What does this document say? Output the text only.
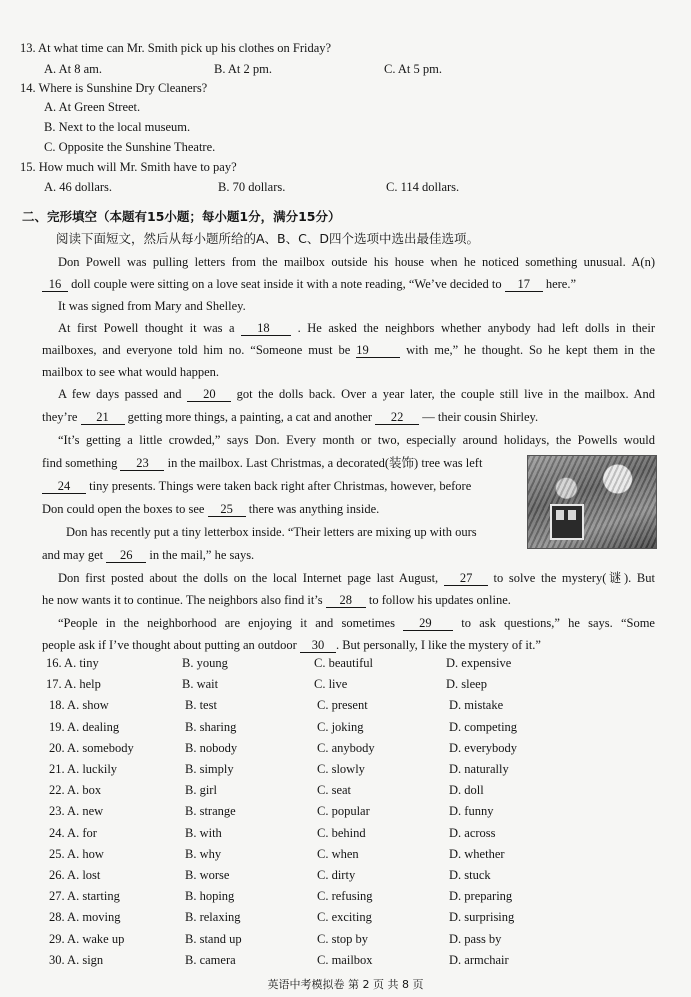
13. At what time can Mr. Smith pick up his clothes on Friday?
A. At 8 am.	B. At 2 pm.	C. At 5 pm.
14. Where is Sunshine Dry Cleaners?
A. At Green Street.
B. Next to the local museum.
C. Opposite the Sunshine Theatre.
15. How much will Mr. Smith have to pay?
A. 46 dollars.	B. 70 dollars.	C. 114 dollars.
二、完形填空（本题有15小题；每小题1分，满分15分）
阅读下面短文，然后从每小题所给的A、B、C、D四个选项中选出最佳选项。
Don Powell was pulling letters from the mailbox outside his house when he noticed something unusual. A(n)
16 doll couple were sitting on a love seat inside it with a note reading, “We’ve decided to 17 here.”
It was signed from Mary and Shelley.
At first Powell thought it was a 18 . He asked the neighbors whether anybody had left dolls in their
mailboxes, and everyone told him no. “Someone must be 19	with me,” he thought. So he kept them in the
mailbox to see what would happen.
A few days passed and 20 got the dolls back. Over a year later, the couple still live in the mailbox. And
they’re 21 getting more things, a painting, a cat and another 22 — their cousin Shirley.
“It’s getting a little crowded,” says Don. Every month or two, especially around holidays, the Powells would
find something 23 in the mailbox. Last Christmas, a decorated(装饰) tree was left
24 tiny presents. Things were taken back right after Christmas, however, before
Don could open the boxes to see 25 there was anything inside.
Don has recently put a tiny letterbox inside. “Their letters are mixing up with ours
and may get 26 in the mail,” he says.
Don first posted about the dolls on the local Internet page last August, 27 to solve the mystery(谜). But
he now wants it to continue. The neighbors also find it’s 28 to follow his updates online.
“People in the neighborhood are enjoying it and sometimes 29 to ask questions,” he says. “Some
people ask if I’ve thought about putting an outdoor 30 . But personally, I like the mystery of it.”
16. A. tiny	B. young	C. beautiful	D. expensive
17. A. help	B. wait	C. live	D. sleep
18. A. show	B. test	C. present	D. mistake
19. A. dealing	B. sharing	C. joking	D. competing
20. A. somebody	B. nobody	C. anybody	D. everybody
21. A. luckily	B. simply	C. slowly	D. naturally
22. A. box	B. girl	C. seat	D. doll
23. A. new	B. strange	C. popular	D. funny
24. A. for	B. with	C. behind	D. across
25. A. how	B. why	C. when	D. whether
26. A. lost	B. worse	C. dirty	D. stuck
27. A. starting	B. hoping	C. refusing	D. preparing
28. A. moving	B. relaxing	C. exciting	D. surprising
29. A. wake up	B. stand up	C. stop by	D. pass by
30. A. sign	B. camera	C. mailbox	D. armchair
英语中考模拟卷 第 2 页 共 8 页
